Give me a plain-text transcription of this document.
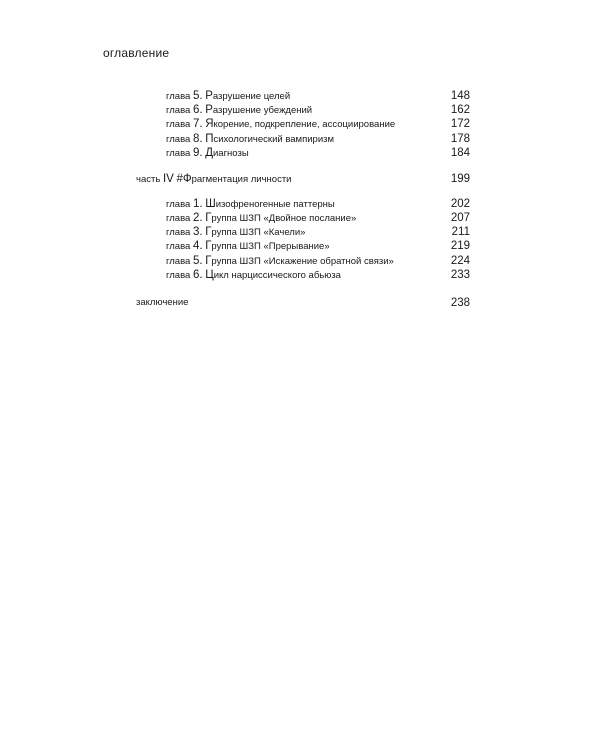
оглавление
глава 5. Разрушение целей	148
глава 6. Разрушение убеждений	162
глава 7. Якорение, подкрепление, ассоциирование	172
глава 8. Психологический вампиризм	178
глава 9. Диагнозы	184
часть IV #Фрагментация личности	199
глава 1. Шизофреногенные паттерны	202
глава 2. Группа ШЗП «Двойное послание»	207
глава 3. Группа ШЗП «Качели»	211
глава 4. Группа ШЗП «Прерывание»	219
глава 5. Группа ШЗП «Искажение обратной связи»	224
глава 6. Цикл нарциссического абьюза	233
заключение	238
